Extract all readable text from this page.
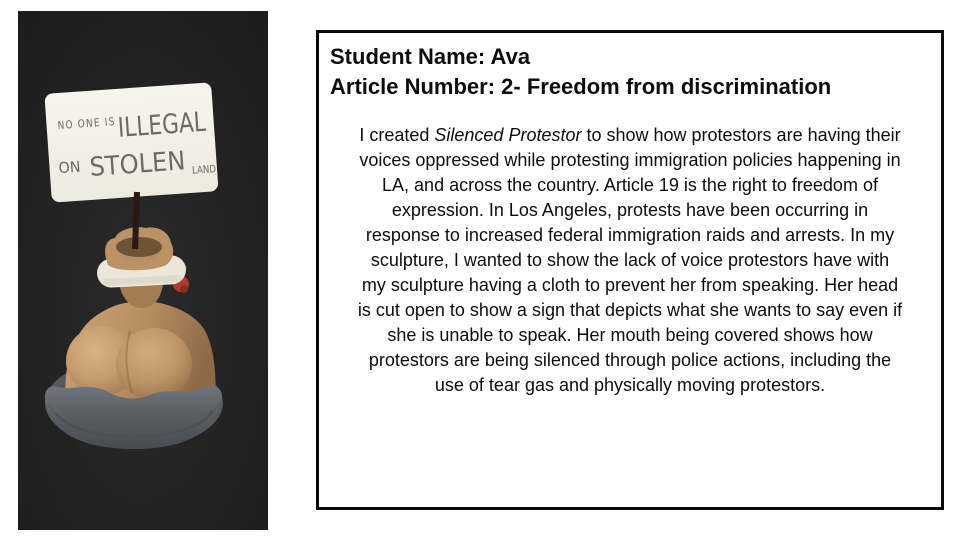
NO ONE IS
ILLEGAL
ON STOLEN
LAND
Student Name: Ava
Article Number: 2- Freedom from discrimination
I created Silenced Protestor to show how protestors are having their
voices oppressed while protesting immigration policies happening in
LA, and across the country. Article 19 is the right to freedom of
expression. In Los Angeles, protests have been occurring in
response to increased federal immigration raids and arrests. In my
sculpture, I wanted to show the lack of voice protestors have with
my sculpture having a cloth to prevent her from speaking. Her head
is cut open to show a sign that depicts what she wants to say even if
she is unable to speak. Her mouth being covered shows how
protestors are being silenced through police actions, including the
use of tear gas and physically moving protestors.
